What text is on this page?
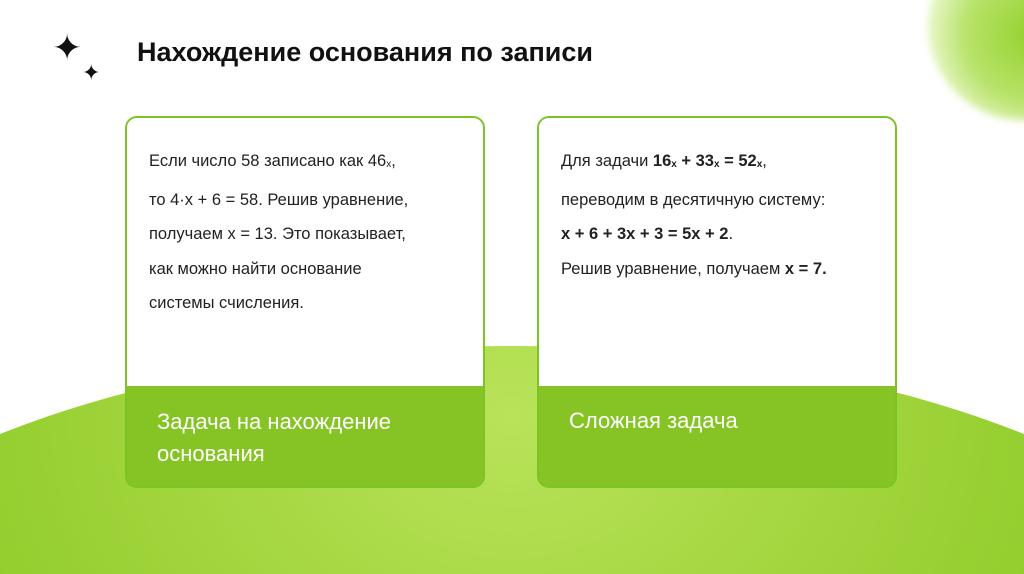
✦
✦
Нахождение основания по записи

Если число 58 записано как 46x,

то 4·x + 6 = 58. Решив уравнение,

получаем x = 13. Это показывает,

как можно найти основание

системы счисления.

Задача на нахождение основания

Для задачи 16x + 33x = 52x,

переводим в десятичную систему:

x + 6 + 3x + 3 = 5x + 2.

Решив уравнение, получаем x = 7.

Сложная задача
